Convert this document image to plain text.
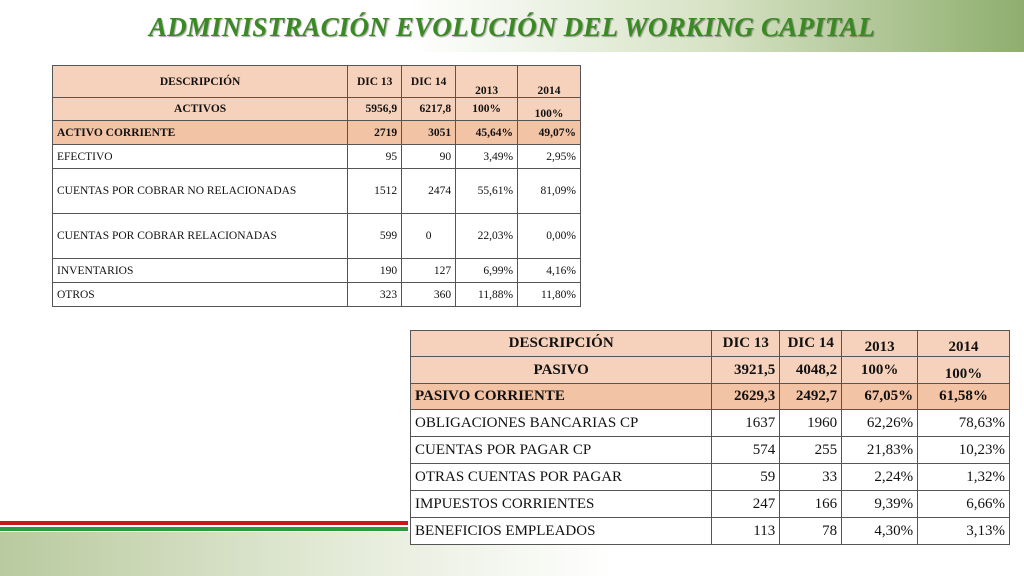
ADMINISTRACIÓN EVOLUCIÓN DEL WORKING CAPITAL
DESCRIPCIÓN	DIC 13	DIC 14	2013	2014
ACTIVOS	5956,9	6217,8	100%	100%
ACTIVO CORRIENTE	2719	3051	45,64%	49,07%
EFECTIVO	95	90	3,49%	2,95%
CUENTAS POR COBRAR NO RELACIONADAS	1512	2474	55,61%	81,09%
CUENTAS POR COBRAR RELACIONADAS	599	0	22,03%	0,00%
INVENTARIOS	190	127	6,99%	4,16%
OTROS	323	360	11,88%	11,80%
DESCRIPCIÓN	DIC 13	DIC 14	2013	2014
PASIVO	3921,5	4048,2	100%	100%
PASIVO CORRIENTE	2629,3	2492,7	67,05%	61,58%
OBLIGACIONES BANCARIAS CP	1637	1960	62,26%	78,63%
CUENTAS POR PAGAR CP	574	255	21,83%	10,23%
OTRAS CUENTAS POR PAGAR	59	33	2,24%	1,32%
IMPUESTOS CORRIENTES	247	166	9,39%	6,66%
BENEFICIOS EMPLEADOS	113	78	4,30%	3,13%
